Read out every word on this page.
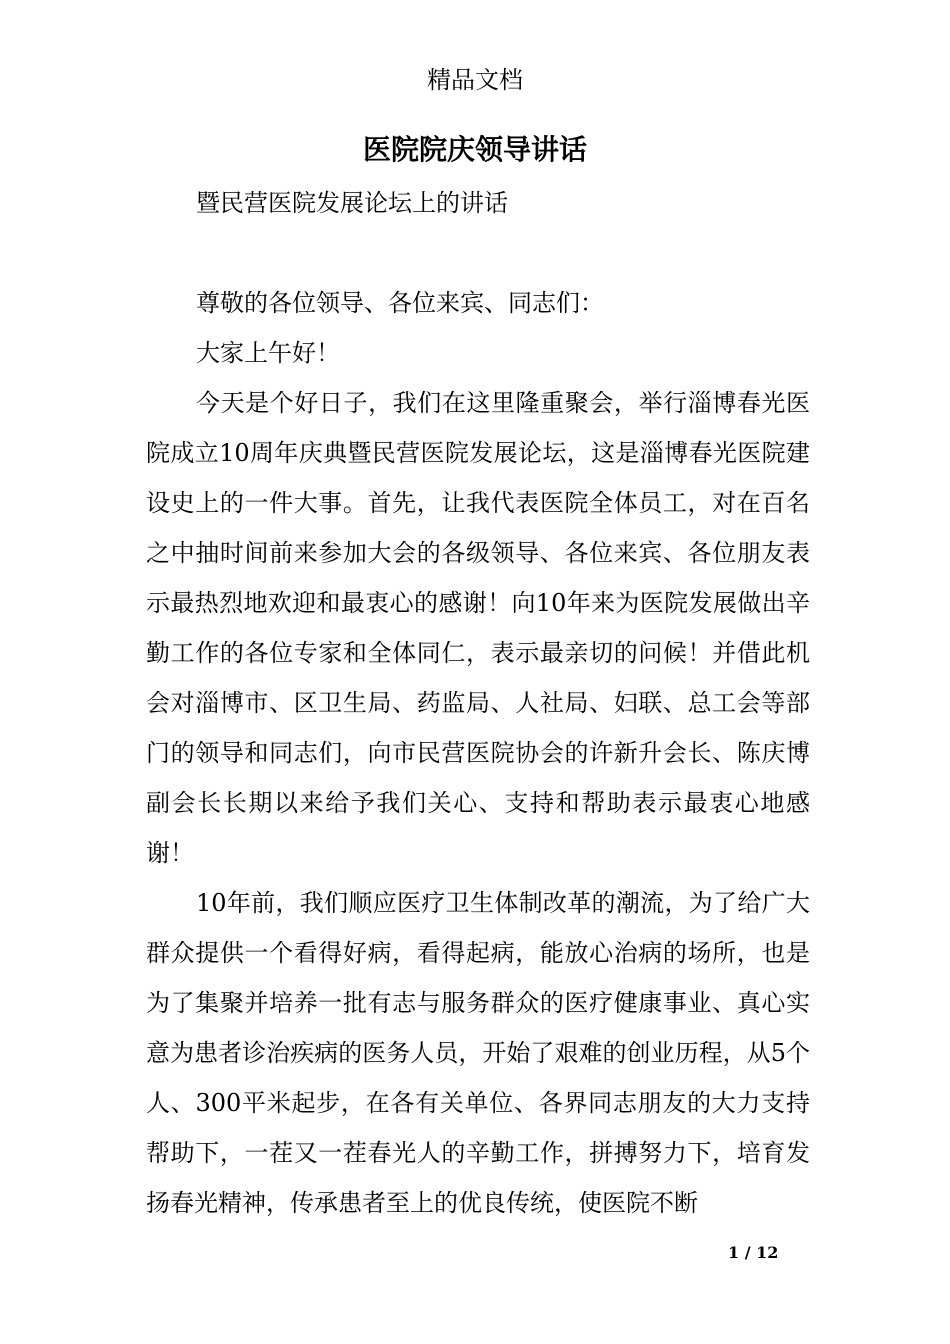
精品文档
医院院庆领导讲话

暨民营医院发展论坛上的讲话

尊敬的各位领导、各位来宾、同志们：

大家上午好！

今天是个好日子，我们在这里隆重聚会，举行淄博春光医院成立10周年庆典暨民营医院发展论坛，这是淄博春光医院建设史上的一件大事。首先，让我代表医院全体员工，对在百名之中抽时间前来参加大会的各级领导、各位来宾、各位朋友表示最热烈地欢迎和最衷心的感谢！向10年来为医院发展做出辛勤工作的各位专家和全体同仁，表示最亲切的问候！并借此机会对淄博市、区卫生局、药监局、人社局、妇联、总工会等部门的领导和同志们，向市民营医院协会的许新升会长、陈庆博副会长长期以来给予我们关心、支持和帮助表示最衷心地感谢！

10年前，我们顺应医疗卫生体制改革的潮流，为了给广大群众提供一个看得好病，看得起病，能放心治病的场所，也是为了集聚并培养一批有志与服务群众的医疗健康事业、真心实意为患者诊治疾病的医务人员，开始了艰难的创业历程，从5个人、300平米起步，在各有关单位、各界同志朋友的大力支持帮助下，一茬又一茬春光人的辛勤工作，拼搏努力下，培育发扬春光精神，传承患者至上的优良传统，使医院不断

1 / 12
